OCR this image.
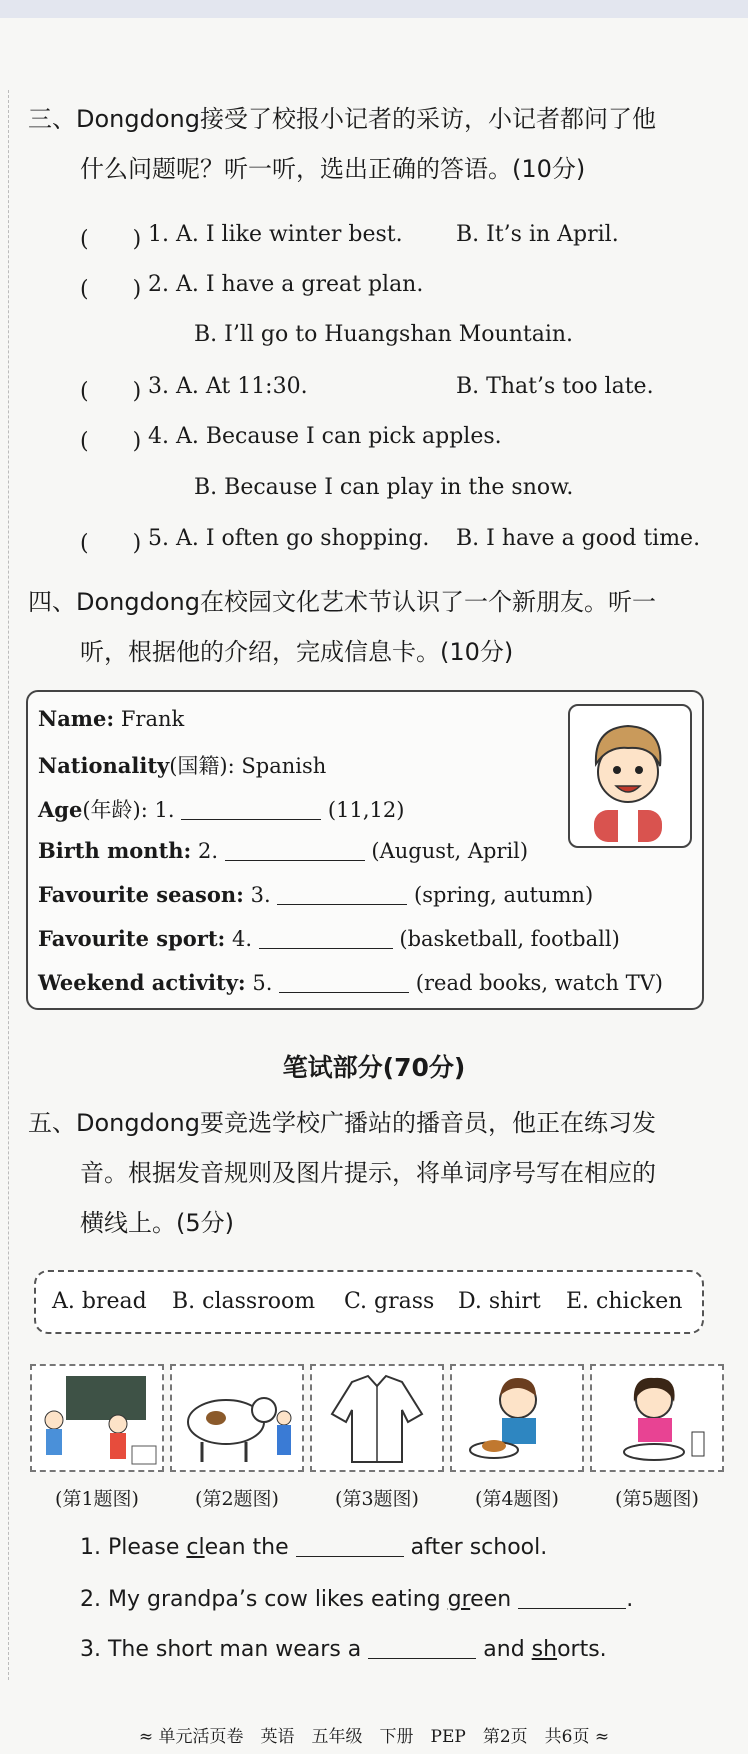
三、Dongdong接受了校报小记者的采访，小记者都问了他
什么问题呢？听一听，选出正确的答语。(10分)
(　　) 1. A. I like winter best. B. It’s in April.
(　　) 2. A. I have a great plan.
B. I’ll go to Huangshan Mountain.
(　　) 3. A. At 11:30.	B. That’s too late.
(　　) 4. A. Because I can pick apples.
B. Because I can play in the snow.
(　　) 5. A. I often go shopping. B. I have a good time.
四、Dongdong在校园文化艺术节认识了一个新朋友。听一
听，根据他的介绍，完成信息卡。(10分)
Name: Frank
Nationality(国籍): Spanish
Age(年龄): 1.	(11,12)
Birth month: 2.	(August, April)
Favourite season: 3.	(spring, autumn)
Favourite sport: 4.	(basketball, football)
Weekend activity: 5.	(read books, watch TV)
笔试部分(70分)
五、Dongdong要竞选学校广播站的播音员，他正在练习发
音。根据发音规则及图片提示，将单词序号写在相应的
横线上。(5分)
A. bread B. classroom C. grass D. shirt E. chicken
(第1题图)	(第2题图)	(第3题图)	(第4题图)	(第5题图)
1. Please clean the	after school.
2. My grandpa’s cow likes eating green	.
3. The short man wears a	and shorts.
≈ 单元活页卷　英语　五年级　下册　PEP　第2页　共6页 ≈
